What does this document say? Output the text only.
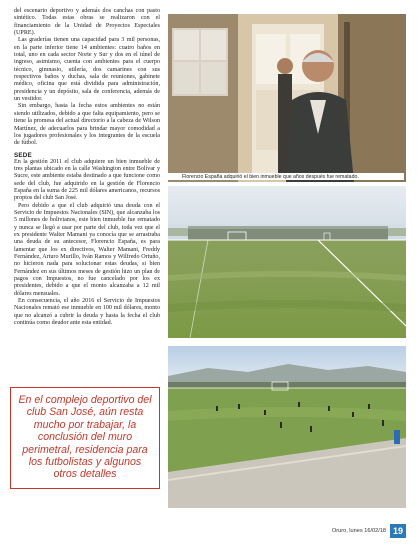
del escenario deportivo y además dos canchas con pasto sintético. Todas estas obras se realizaron con el financiamiento de la Unidad de Proyectos Especiales (UPRE).

Las graderías tienen una capacidad para 3 mil personas, en la parte inferior tiene 14 ambientes: cuatro baños en total, uno en cada sector Norte y Sur y dos en el túnel de ingreso, asimismo, cuenta con ambientes para el cuerpo técnico, gimnasio, utilería, dos camarines con sus respectivos baños y duchas, sala de reuniones, gabinete médico, oficina que está dividida para administración, presidencia y un depósito, sala de conferencia, además de un vestidor.

Sin embargo, hasta la fecha estos ambientes no están siendo utilizados, debido a que falta equipamiento, pero se tiene la promesa del actual directorio a la cabeza de Wilson Martínez, de adecuarlos para brindar mayor comodidad a los jugadores profesionales y los integrantes de la escuela de fútbol.

SEDE

En la gestión 2011 el club adquiere un bien inmueble de tres plantas ubicado en la calle Washington entre Bolívar y Sucre, este ambiente estaba destinado a que funcione como sede del club, fue adquirido en la gestión de Florencio España en la suma de 225 mil dólares americanos, recursos propios del club San José.

Pero debido a que el club adquirió una deuda con el Servicio de Impuestos Nacionales (SIN), que alcanzaba los 5 millones de bolivianos, este bien inmueble fue rematado y nunca se llegó a usar por parte del club, toda vez que el ex presidente Walter Mamani ya conocía que se arrastraba una deuda de su antecesor, Florencio España, es para lamentar que los ex directivos, Walter Mamani, Freddy Fernández, Arturo Murillo, Iván Ramos y Wilfredo Ortuño, no hicieron nada para solucionar estas deudas, si bien Fernández en sus últimos meses de gestión hizo un plan de pagos con Impuestos, no fue cancelado por los ex presidentes, debido a que el monto alcanzaba a 12 mil dólares mensuales.

En consecuencia, el año 2016 el Servicio de Impuestos Nacionales remató ese inmueble en 100 mil dólares, monto que no alcanzó a cubrir la deuda y hasta la fecha el club continúa como deudor ante esta entidad.

En el complejo deportivo del club San José, aún resta mucho por trabajar, la conclusión del muro perimetral, residencia para los futbolistas y algunos otros detalles

Florencio España adquirió el bien inmueble que años después fue rematado.
Oruro, lunes 16/02/18 19
